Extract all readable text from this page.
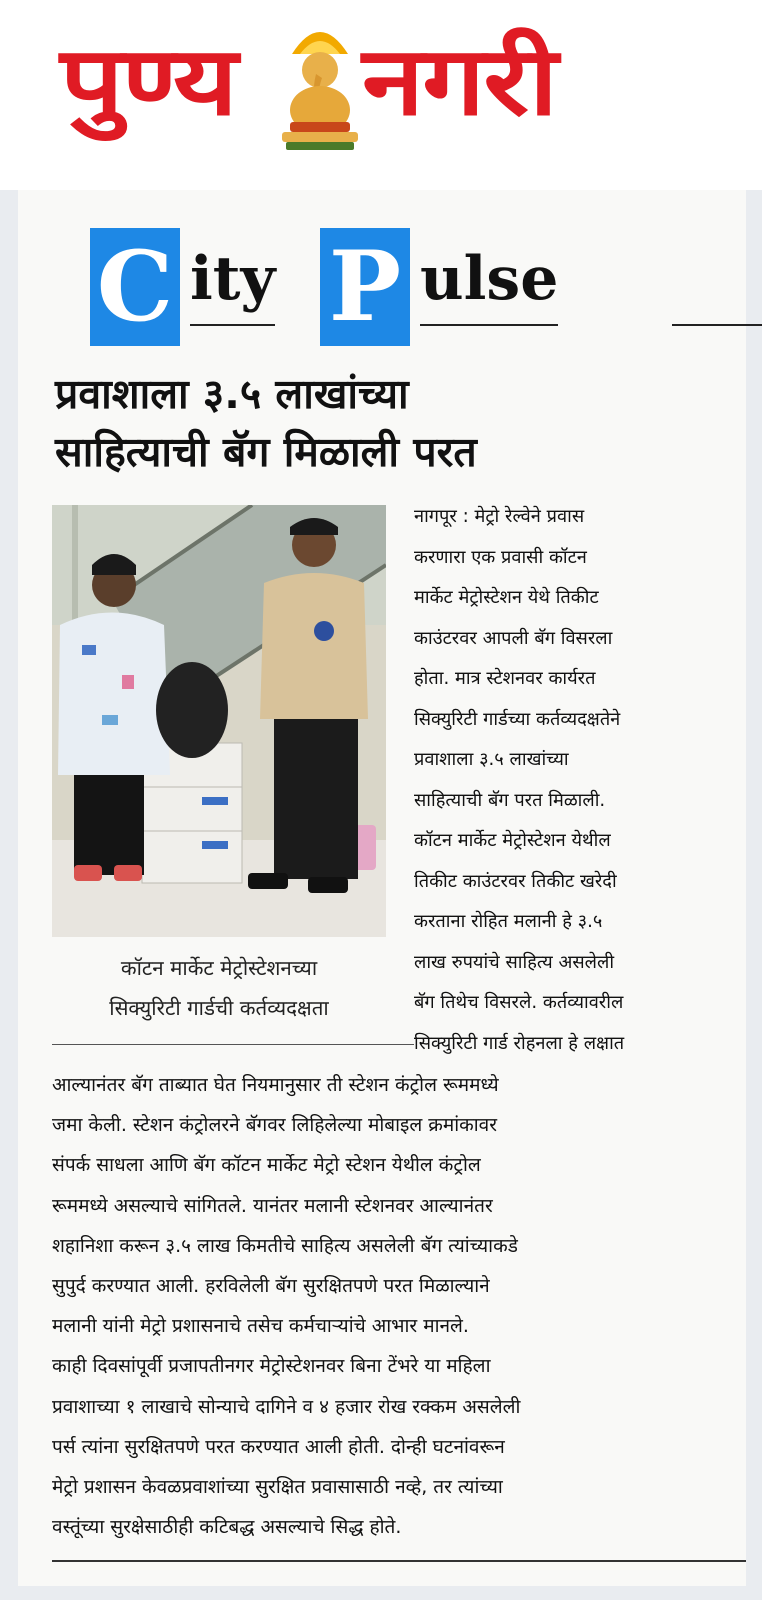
पुण्य नगरी
C ity P ulse
प्रवाशाला ३.५ लाखांच्या
साहित्याची बॅग मिळाली परत
कॉटन मार्केट मेट्रोस्टेशनच्या
सिक्युरिटी गार्डची कर्तव्यदक्षता
नागपूर : मेट्रो रेल्वेने प्रवास
करणारा एक प्रवासी कॉटन
मार्केट मेट्रोस्टेशन येथे तिकीट
काउंटरवर आपली बॅग विसरला
होता. मात्र स्टेशनवर कार्यरत
सिक्युरिटी गार्डच्या कर्तव्यदक्षतेने
प्रवाशाला ३.५ लाखांच्या
साहित्याची बॅग परत मिळाली.
कॉटन मार्केट मेट्रोस्टेशन येथील
तिकीट काउंटरवर तिकीट खरेदी
करताना रोहित मलानी हे ३.५
लाख रुपयांचे साहित्य असलेली
बॅग तिथेच विसरले. कर्तव्यावरील
सिक्युरिटी गार्ड रोहनला हे लक्षात
आल्यानंतर बॅग ताब्यात घेत नियमानुसार ती स्टेशन कंट्रोल रूममध्ये
जमा केली. स्टेशन कंट्रोलरने बॅगवर लिहिलेल्या मोबाइल क्रमांकावर
संपर्क साधला आणि बॅग कॉटन मार्केट मेट्रो स्टेशन येथील कंट्रोल
रूममध्ये असल्याचे सांगितले. यानंतर मलानी स्टेशनवर आल्यानंतर
शहानिशा करून ३.५ लाख किमतीचे साहित्य असलेली बॅग त्यांच्याकडे
सुपुर्द करण्यात आली. हरविलेली बॅग सुरक्षितपणे परत मिळाल्याने
मलानी यांनी मेट्रो प्रशासनाचे तसेच कर्मचाऱ्यांचे आभार मानले.
काही दिवसांपूर्वी प्रजापतीनगर मेट्रोस्टेशनवर बिना टेंभरे या महिला
प्रवाशाच्या १ लाखाचे सोन्याचे दागिने व ४ हजार रोख रक्कम असलेली
पर्स त्यांना सुरक्षितपणे परत करण्यात आली होती. दोन्ही घटनांवरून
मेट्रो प्रशासन केवळप्रवाशांच्या सुरक्षित प्रवासासाठी नव्हे, तर त्यांच्या
वस्तूंच्या सुरक्षेसाठीही कटिबद्ध असल्याचे सिद्ध होते.
